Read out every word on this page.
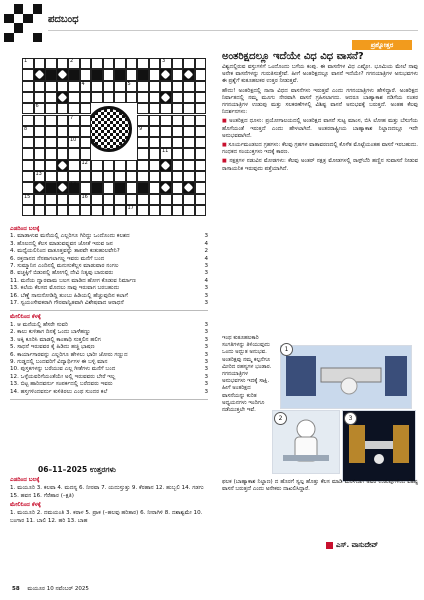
ಪದಬಂಧ
1	2	3
4	5
6
7
8	9
10
11
12
13
14
15	16
17
ಎಡದಿಂದ ಬಲಕ್ಕೆ
1. ಮಾಡಾಳುವ ಮನೆಯಲ್ಲಿ ಎಲ್ಲರಿಗೂ ಗಿರಿದ್ದು ಒಂದೊಂದು ಕಲಶದ	3
3. ಹೊಲದಲ್ಲಿ ಕೆಲಸ ಮಾಡುವವ್ನ್ನವನ ಜೋತೆ ಇರುವ ಜನ	4
4. ಮಧ್ಯೆಯಲಿನಿಂದ ವಾತೂತ್ತವನ್ನು ತಾಪವೇ ಕುತುಹುಲವೇನಿ?	2
6. ರಕ್ತದಾನದ ನೆನಪಾಗಲಾಗಲ್ಲ ಇವರು ಮನೆಗೆ ಬಂದ	4
7. ಸುಮ್ಮಾನಿನ ಎಂದಿನಲ್ಲಿ ಮನುಸುಕೆಲ್ಲಸ ಮಾಡುವಾರ ನಂಗಲ	3
8. ವಚ್ಚಕ್ಕಿಗೆ ಬಿಡುಪಲ್ಲಿ ಹೋಗಲ್ಲಿ ದೇವಿ ನಿತ್ಯವು ಬಾರುವರು	3
11. ಮನೆಯ ದ್ವಾರವಾಮ ಬಲಗ ಮಾಡಿದ ಹೋಗ ಕೊಡುವ ನಿರ್ಮಾಣ	4
13. ಕಲೆಯ ಕೆಲಸದ ಮೊದಲು ನಾವು ಇರುವಾಗ ಬರಬಹುದು	3
16. ಬೆಣ್ಣೆ ನಾನುನೋಡಿದ್ದಿ ತುಂಬು ಹಿಡಿಯಲ್ಲಿ ಹೆಚ್ಚುವುದಿನ ಕಲಾಗೆ	3
17. ಸ್ವಯಂಸೇವಕರಾಗಿ ಗೌರವಾನ್ವಿತವಾಗಿ ವಿಶೇಷವಾದ ಆರಾಧನೆ	3
ಮೇಲಿನಿಂದ ಕೆಳಕ್ಕೆ
1. ಆ ಮನೆಯಲ್ಲಿ ಹೆಸರೇ ಸುವರಿ	3
2. ಕಾಲು ಕುಳಿತಾಗ ದಿನಕ್ಕೆ ಒಂದು ಬಾಳೆಹಣ್ಣು	3
3. ಅಕ್ಕಿ ಕೂರಿಸಿ ಮಾಡಲ್ಲಿ ಕಾಂತಾಧಿ ಸುತ್ತಲಿನ ಹಲಿಗ	3
5. ಸಾಧನೆ ಇರುವವರ ಕೈ ಹಿಡಿದು ಹಚ್ಚಿ ಭಾಷಣ	3
6. ಕಾರ್ಯಾಗಾರವನ್ನು ಎಲ್ಲರಿಗೂ ಹೇಳಲು ಭಾರೀ ಜೋರು ಗಣ್ಣುದ	3
9. ಗುಡ್ಡದಲ್ಲಿ ಬಂದವರಿಗೆ ವಿದ್ಯಾರ್ಥಿಗಳ ಈ ಬಳ್ಳಿ ಮಾನ	3
10. ಪುಸ್ತಕಗಳನ್ನು ಬರೆಯುವ ಎಲ್ಲ ಗೀತೆಗಳು ಮನೆಗೆ ಬಂದ	3
12. ಒಳ್ಳೆಯವರಿಗೆಯಂತೆಯೇ ಅಲ್ಲಿ ಇರುವವರು ಬೇರೆ ಇಲ್ಲ	3
13. ಬಿಟ್ಟ ಹಾರಿದವರ್ನು ಸಂಪರ್ಕದಲ್ಲಿ ಬರೆದವರು ಇವರು	3
14. ಹಸ್ತಗಳಿಂದವರ್ನು ಕುಳಿತಿರಲು ಎಂಥ ಸುಂದರ ಕಲೆ	3
06–11–2025 ಉತ್ತರಗಳು
ಎಡದಿಂದ ಬಲಕ್ಕೆ
1. ಮಯೂರಿ 3. ಕಲವಾ 4. ಮದನ್ಯ 6. ನೀರವಾ 7. ಯದುಸ್ತುತ್ತು 9. ಕೆರಹಾನ 12. ಹುಬ್ಬಲಿ 14. ಗಡಗು 15. ಹವನ 16. ಗೆರೆಹಾರ (–ಕ್ಷತಿ)
ಮೇಲಿನಿಂದ ಕೆಳಕ್ಕೆ
1. ಮಯೂರಿ 2. ದಮಯಂತಿ 3. ಕರಾಳ 5. ಪ್ರಾಕ (–ಹಲವು ಹರಿತಾರ) 6. ನೀರಾಗಿಳಿ 8. ದಶಾಶ್ವಮೇ 10. ಬಂಗಾರ 11. ಬಾಲಿ 12. ಹರಿ 13. ಬಾಹ
ಪ್ರಶ್ನೋತ್ತರ
ಅಂತರಿಕ್ಷದಲ್ಲೂ ಇದೆಯೇ ವಿಧ ವಿಧ ವಾಸನೆ?

ವಿಶ್ವದಲ್ಲಿರುವ ವಸ್ತುಗಳಿಗೆ ಒಂದೊಂದು ಬಗೆಯ ಕಂಪು. ಈ ವಾಸನೆಗಳ ವಿಧ ಎಷ್ಟೋ. ಭೂಮಿಯ ಮೇಲೆ ನಾವು ಅನೇಕ ವಾಸನೆಗಳನ್ನು ಗುರುತಿಸುತ್ತೇವೆ. ಹೀಗೆ ಅಂತರಿಕ್ಷದಲ್ಲೂ ವಾಸನೆ ಇದೆಯೇ? ಗಗನಯಾತ್ರಿಗಳ ಅನುಭವಗಳು ಈ ಪ್ರಶ್ನೆಗೆ ಕುತೂಹಲಕರ ಉತ್ತರ ನೀಡುತ್ತವೆ.

ಹೌದು! ಅಂತರಿಕ್ಷದಲ್ಲಿ ನಾನಾ ವಿಧದ ವಾಸನೆಗಳು ಇರುತ್ತವೆ ಎಂದು ಗಗನಯಾತ್ರಿಗಳು ಹೇಳಿದ್ದಾರೆ. ಅಂತರಿಕ್ಷದ ನಿರ್ವಾತದಲ್ಲಿ ನಮ್ಮ ಮೂಗು ನೇರವಾಗಿ ವಾಸನೆ ಗ್ರಹಿಸಲಾಗದು. ಆದರೂ ಬಾಹ್ಯಾಕಾಶ ನಡಿಗೆಯ ನಂತರ ಗಗನಯಾತ್ರಿಗಳ ಉಡುಪು ಮತ್ತು ಸಲಕರಣೆಗಳಲ್ಲಿ ವಿಶಿಷ್ಟ ವಾಸನೆ ಅನುಭವಕ್ಕೆ ಬರುತ್ತದೆ. ಅಂತಹ ಕೆಲವು ನಿದರ್ಶನಗಳು:

■ ಅಂತರಿಕ್ಷದ ಧೂಳು: ಪ್ರಯೋಗಾಲಯದಲ್ಲಿ ಅಂತರಿಕ್ಷದ ವಾಸನೆ ಸುಟ್ಟ ಮಾಂಸ, ಬಿಸಿ ಲೋಹ ಮತ್ತು ಬೆಸುಗೆಯ ಹೊಗೆಯಂತೆ ಇರುತ್ತದೆ ಎಂದು ಹೇಳಲಾಗಿದೆ. ಅಂತರರಾಷ್ಟ್ರೀಯ ಬಾಹ್ಯಾಕಾಶ ನಿಲ್ದಾಣದಲ್ಲೂ ಇದೇ ಅನುಭವವಾಗಿದೆ.

■ ಸೂರ್ಯಮಂಡಲದ ಗ್ರಹಗಳು: ಕೆಲವು ಗ್ರಹಗಳ ವಾತಾವರಣದಲ್ಲಿ ಕೊಳೆತ ಮೊಟ್ಟೆಯಂತಹ ವಾಸನೆ ಇರಬಹುದು. ಗಂಧಕದ ಸಂಯುಕ್ತಗಳು ಇದಕ್ಕೆ ಕಾರಣ.

■ ನಕ್ಷತ್ರಗಳ ನಡುವಿನ ಮೋಡಗಳು: ಕೆಲವು ಅಂತರ್ ನಕ್ಷತ್ರ ಮೋಡಗಳಲ್ಲಿ ರಾಸ್ಪ್‌ಬೆರಿ ಹಣ್ಣಿನ ಸುವಾಸನೆ ನೀಡುವ ರಾಸಾಯನಿಕ ಇರುವುದು ಪತ್ತೆಯಾಗಿದೆ.

ಇಂಥ ಕುತೂಹಲಕಾರಿ ಸಂಗತಿಗಳನ್ನು ತಿಳಿಯುವುದು ಒಂದು ಅದ್ಭುತ ಅನುಭವ. ಅಂತರಿಕ್ಷವು ನಮ್ಮ ಕಲ್ಪನೆಗೂ ಮೀರಿದ ರಹಸ್ಯಗಳ ಭಂಡಾರ. ಗಗನಯಾತ್ರಿಗಳ ಅನುಭವಗಳು ಇದಕ್ಕೆ ಸಾಕ್ಷಿ. ಹೀಗೆ ಅಂತರಿಕ್ಷದ ವಾಸನೆಯನ್ನು ಕುರಿತ ಅಧ್ಯಯನಗಳು ಇಂದಿಗೂ ನಡೆಯುತ್ತಲೇ ಇವೆ.
1
2	3
ಫಲಕ (ಬಾಹ್ಯಾಕಾಶ ನಿಲ್ದಾಣ) ದ ಹೊರಗೆ ಸ್ವಲ್ಪ ಹೊತ್ತು ಕೆಲಸ ಮಾಡಿ ಮರಳಿದಾಗ ಅವರ ಉಡುಪುಗಳಿಂದ ವಿಶಿಷ್ಟ ವಾಸನೆ ಬರುತ್ತದೆ ಎಂದು ಅನೇಕರು ದಾಖಲಿಸಿದ್ದಾರೆ.
ಎಸ್. ವಾಸುದೇವ್
58 ಮಯೂರ 10 ನವೆಂಬರ್ 2025
